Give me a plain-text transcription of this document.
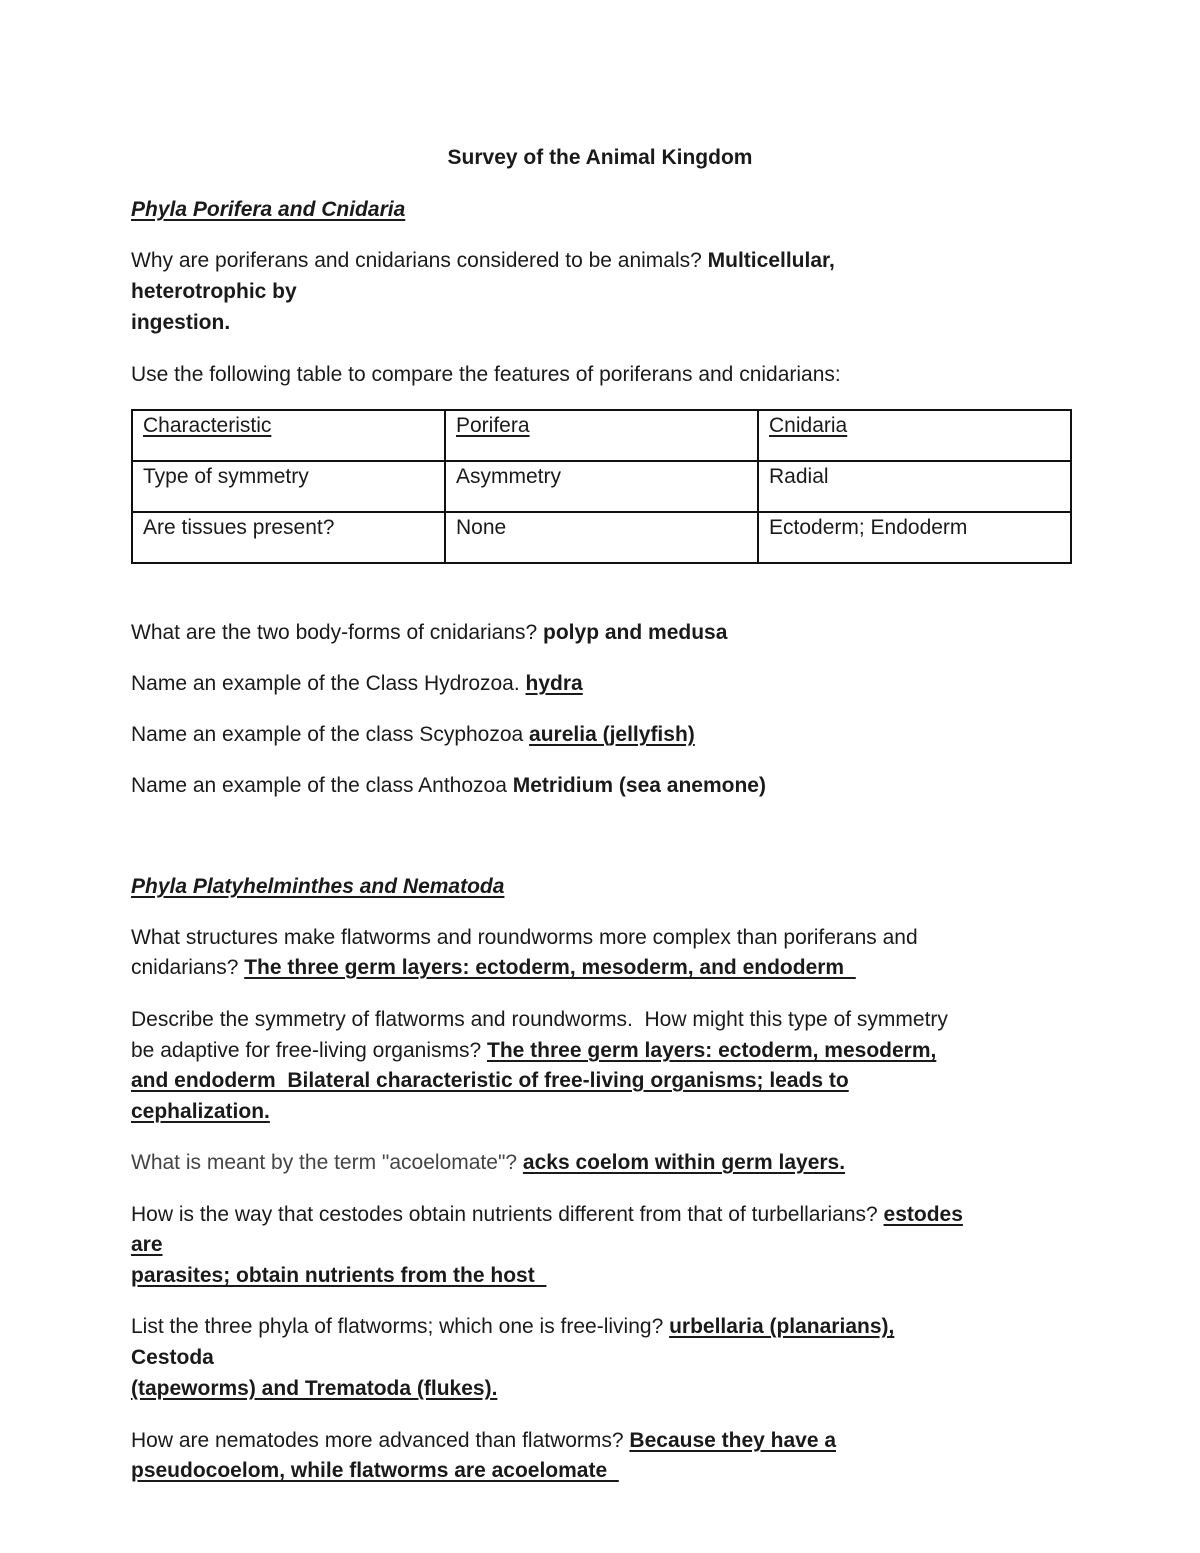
Survey of the Animal Kingdom
Phyla Porifera and Cnidaria
Why are poriferans and cnidarians considered to be animals? Multicellular,
heterotrophic by
ingestion.
Use the following table to compare the features of poriferans and cnidarians:
Characteristic	Porifera	Cnidaria
Type of symmetry	Asymmetry	Radial
Are tissues present?	None	Ectoderm; Endoderm
What are the two body-forms of cnidarians? polyp and medusa
Name an example of the Class Hydrozoa. hydra
Name an example of the class Scyphozoa aurelia (jellyfish)
Name an example of the class Anthozoa Metridium (sea anemone)
Phyla Platyhelminthes and Nematoda
What structures make flatworms and roundworms more complex than poriferans and
cnidarians? The three germ layers: ectoderm, mesoderm, and endoderm
Describe the symmetry of flatworms and roundworms.  How might this type of symmetry
be adaptive for free-living organisms? The three germ layers: ectoderm, mesoderm,
and endoderm  Bilateral characteristic of free-living organisms; leads to
cephalization.
What is meant by the term "acoelomate"? acks coelom within germ layers.
How is the way that cestodes obtain nutrients different from that of turbellarians? estodes
are
parasites; obtain nutrients from the host
List the three phyla of flatworms; which one is free-living? urbellaria (planarians),
Cestoda
(tapeworms) and Trematoda (flukes).
How are nematodes more advanced than flatworms? Because they have a
pseudocoelom, while flatworms are acoelomate
